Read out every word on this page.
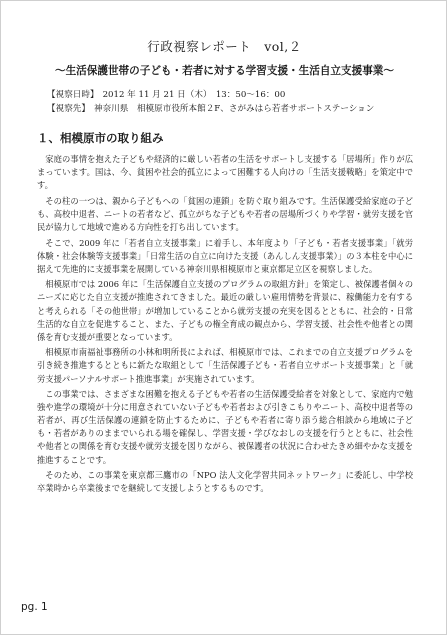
行政視察レポート　vol,２
～生活保護世帯の子ども・若者に対する学習支援・生活自立支援事業～
【視察日時】 2012 年 11 月 21 日（木）　13：50～16：00
【視察先】 神奈川県　相模原市役所本館２F、さがみはら若者サポートステーション
１、相模原市の取り組み

家庭の事情を抱えた子どもや経済的に厳しい若者の生活をサポートし支援する「居場所」作りが広まっています。国は、今、貧困や社会的孤立によって困難する人向けの「生活支援戦略」を策定中です。

その柱の一つは、親から子どもへの「貧困の連鎖」を防ぐ取り組みです。生活保護受給家庭の子ども、高校中退者、ニートの若者など、孤立がちな子どもや若者の居場所づくりや学習・就労支援を官民が協力して地域で進める方向性を打ち出しています。

そこで、2009 年に「若者自立支援事業」に着手し、本年度より「子ども・若者支援事業」「就労体験・社会体験等支援事業」「日常生活の自立に向けた支援（あんしん支援事業）」の３本柱を中心に据えて先進的に支援事業を展開している神奈川県相模原市と東京都足立区を視察しました。

相模原市では 2006 年に「生活保護自立支援のプログラムの取組方針」を策定し、被保護者個々のニーズに応じた自立支援が推進されてきました。最近の厳しい雇用情勢を背景に、稼働能力を有すると考えられる「その他世帯」が増加していることから就労支援の充実を図るとともに、社会的・日常生活的な自立を促進すること、また、子どもの権全育成の観点から、学習支援、社会性や他者との関係を育む支援が重要となっています。

相模原市南福祉事務所の小林和明所長によれば、相模原市では、これまでの自立支援プログラムを引き続き推進するとともに新たな取組として「生活保護子ども・若者自立サポート支援事業」と「就労支援パーソナルサポート推進事業」が実施されています。

この事業では、さまざまな困難を抱える子どもや若者の生活保護受給者を対象として、家庭内で勉強や進学の環境が十分に用意されていない子どもや若者および引きこもりやニート、高校中退者等の若者が、再び生活保護の連鎖を防止するために、子どもや若者に寄り添う総合相談から地域に子ども・若者がありのままでいられる場を確保し、学習支援・学びなおしの支援を行うとともに、社会性や他者との関係を育む支援や就労支援を図りながら、被保護者の状況に合わせたきめ細やかな支援を推進することです。

そのため、この事業を東京都三鷹市の「NPO 法人文化学習共同ネットワーク」に委託し、中学校卒業時から卒業後までを継続して支援しようとするものです。

pg. 1
